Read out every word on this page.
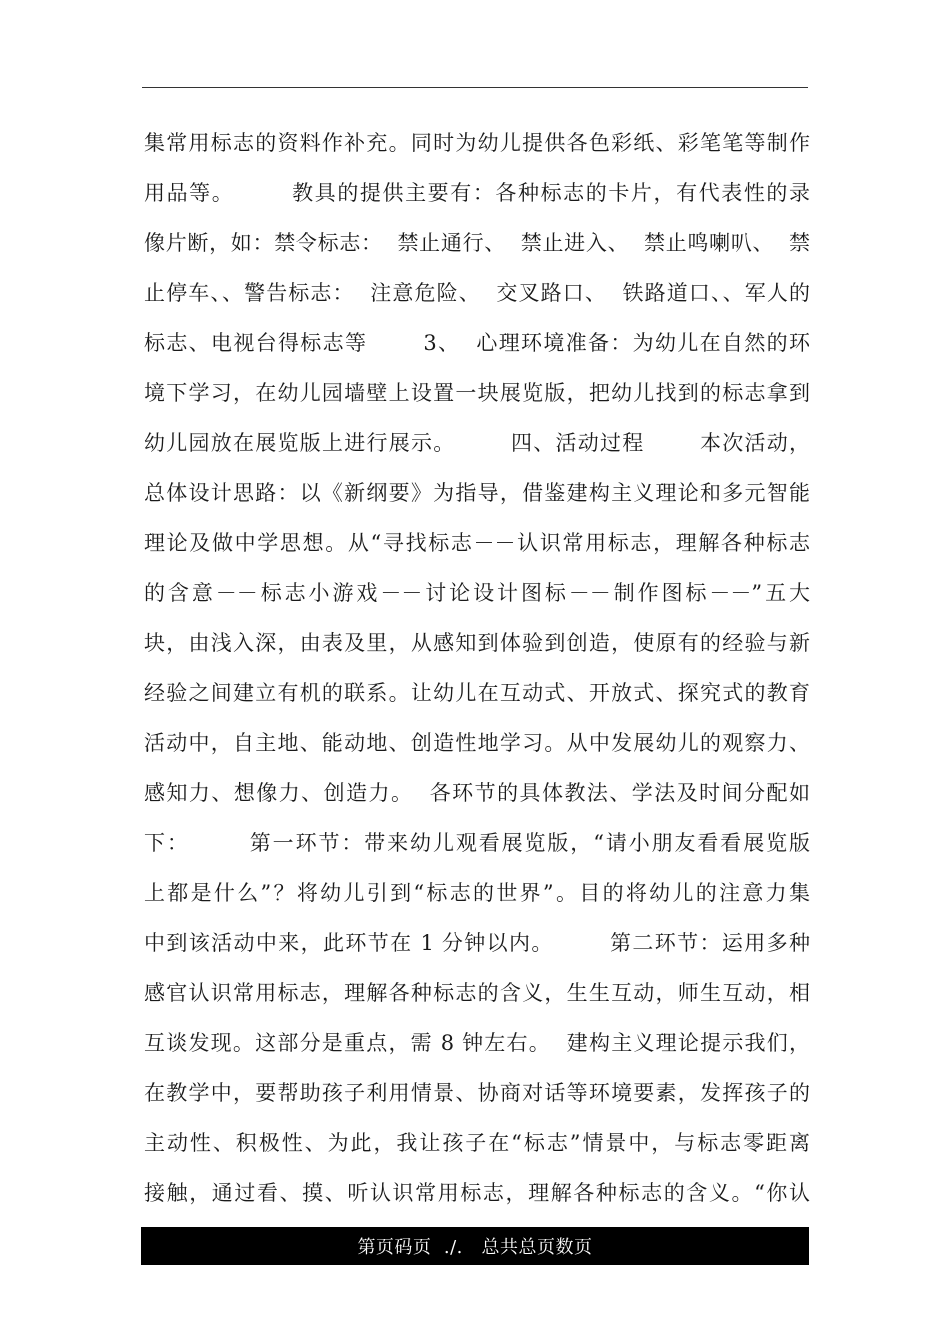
集常用标志的资料作补充。同时为幼儿提供各色彩纸、彩笔笔等制作
用品等。       教具的提供主要有：各种标志的卡片，有代表性的录
像片断，如：禁令标志：  禁止通行、  禁止进入、  禁止鸣喇叭、  禁
止停车、、警告标志：  注意危险、  交叉路口、  铁路道口、、军人的
标志、电视台得标志等       3、  心理环境准备：为幼儿在自然的环
境下学习，在幼儿园墙壁上设置一块展览版，把幼儿找到的标志拿到
幼儿园放在展览版上进行展示。       四、活动过程       本次活动，
总体设计思路：以《新纲要》为指导，借鉴建构主义理论和多元智能
理论及做中学思想。从“寻找标志－－认识常用标志，理解各种标志
的含意－－标志小游戏－－讨论设计图标－－制作图标－－”五大
块，由浅入深，由表及里，从感知到体验到创造，使原有的经验与新
经验之间建立有机的联系。让幼儿在互动式、开放式、探究式的教育
活动中，自主地、能动地、创造性地学习。从中发展幼儿的观察力、
感知力、想像力、创造力。  各环节的具体教法、学法及时间分配如
下：       第一环节：带来幼儿观看展览版，“请小朋友看看展览版
上都是什么”？将幼儿引到“标志的世界”。目的将幼儿的注意力集
中到该活动中来，此环节在 1 分钟以内。       第二环节：运用多种
感官认识常用标志，理解各种标志的含义，生生互动，师生互动，相
互谈发现。这部分是重点，需 8 钟左右。  建构主义理论提示我们，
在教学中，要帮助孩子利用情景、协商对话等环境要素，发挥孩子的
主动性、积极性、为此，我让孩子在“标志”情景中，与标志零距离
接触，通过看、摸、听认识常用标志，理解各种标志的含义。“你认
第页码页  ./.   总共总页数页
